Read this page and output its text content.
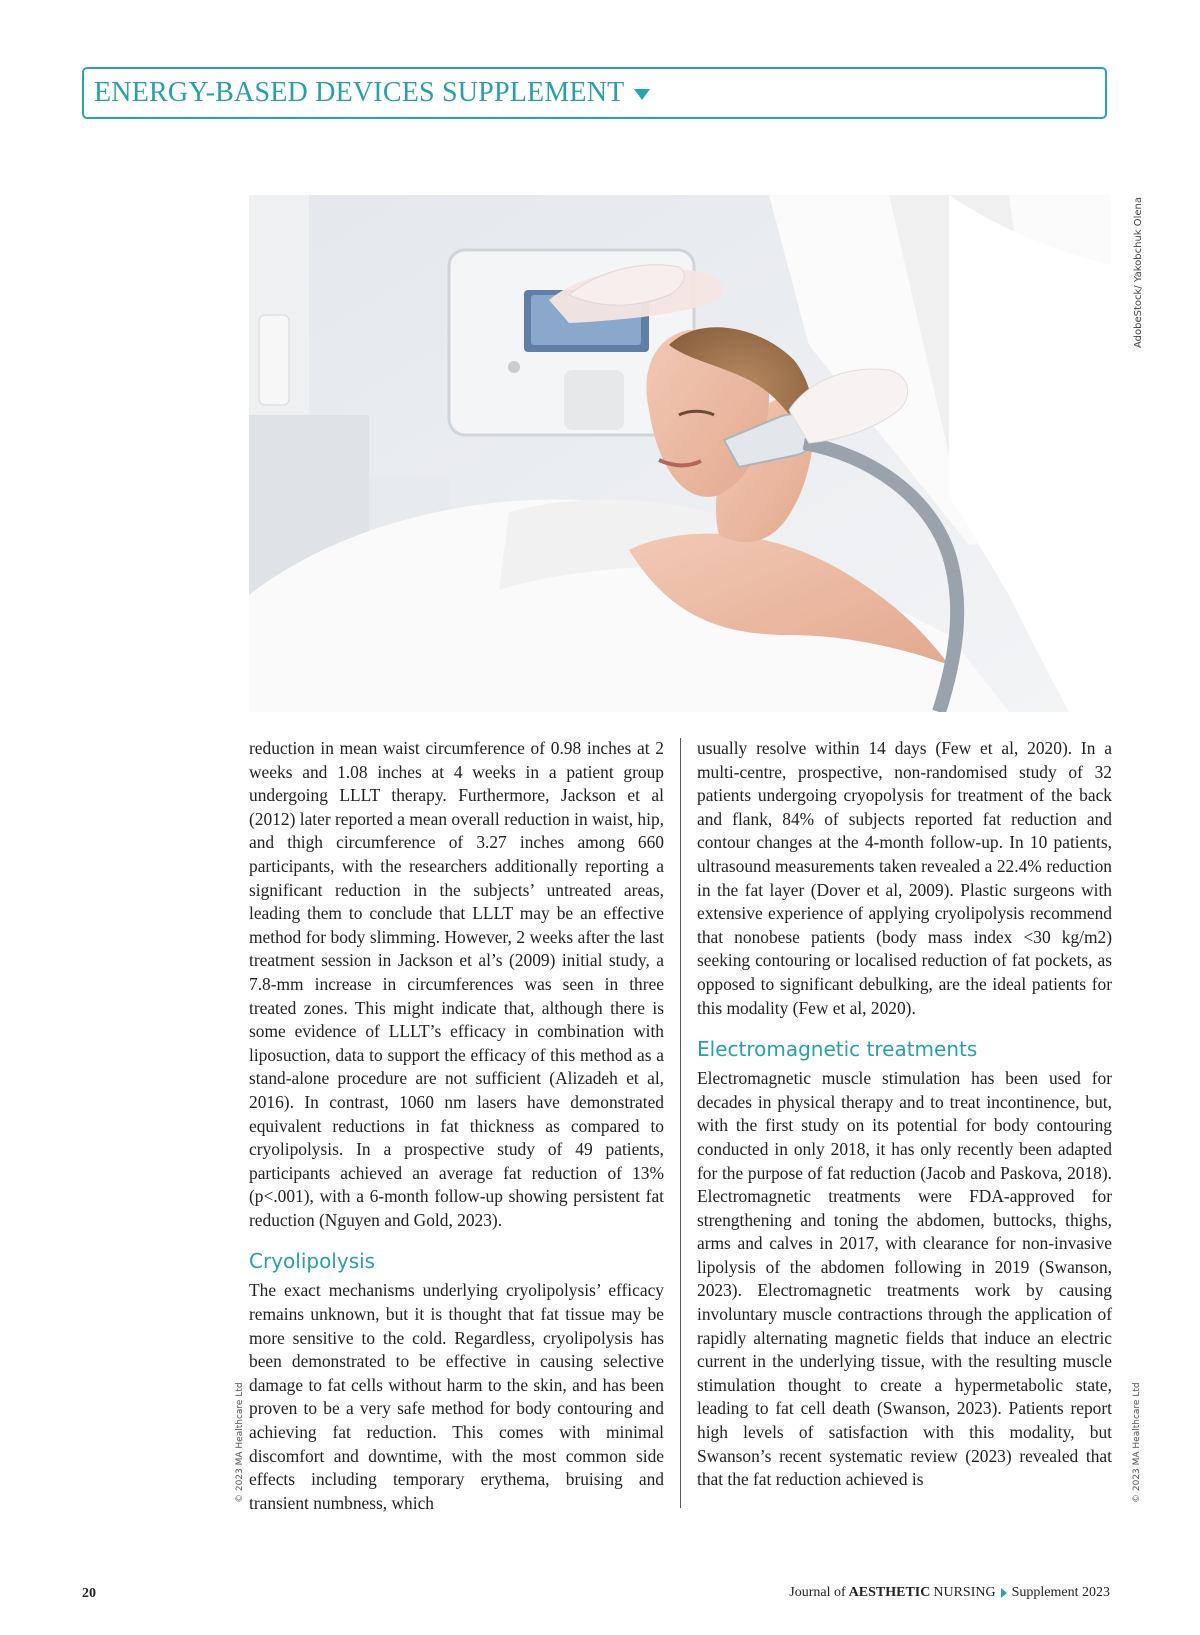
ENERGY-BASED DEVICES SUPPLEMENT
AdobeStock/ Yakobchuk Olena
© 2023 MA Healthcare Ltd	© 2023 MA Healthcare Ltd

reduction in mean waist circumference of 0.98 inches at 2 weeks and 1.08 inches at 4 weeks in a patient group undergoing LLLT therapy. Furthermore, Jackson et al (2012) later reported a mean overall reduction in waist, hip, and thigh circumference of 3.27 inches among 660 participants, with the researchers additionally reporting a significant reduction in the subjects’ untreated areas, leading them to conclude that LLLT may be an effective method for body slimming. However, 2 weeks after the last treatment session in Jackson et al’s (2009) initial study, a 7.8-mm increase in circumferences was seen in three treated zones. This might indicate that, although there is some evidence of LLLT’s efficacy in combination with liposuction, data to support the efficacy of this method as a stand-alone procedure are not sufficient (Alizadeh et al, 2016). In contrast, 1060 nm lasers have demonstrated equivalent reductions in fat thickness as compared to cryolipolysis. In a prospective study of 49 patients, participants achieved an average fat reduction of 13% (p<.001), with a 6-month follow-up showing persistent fat reduction (Nguyen and Gold, 2023).

Cryolipolysis

The exact mechanisms underlying cryolipolysis’ efficacy remains unknown, but it is thought that fat tissue may be more sensitive to the cold. Regardless, cryolipolysis has been demonstrated to be effective in causing selective damage to fat cells without harm to the skin, and has been proven to be a very safe method for body contouring and achieving fat reduction. This comes with minimal discomfort and downtime, with the most common side effects including temporary erythema, bruising and transient numbness, which

usually resolve within 14 days (Few et al, 2020). In a multi-centre, prospective, non-randomised study of 32 patients undergoing cryopolysis for treatment of the back and flank, 84% of subjects reported fat reduction and contour changes at the 4-month follow-up. In 10 patients, ultrasound measurements taken revealed a 22.4% reduction in the fat layer (Dover et al, 2009). Plastic surgeons with extensive experience of applying cryolipolysis recommend that nonobese patients (body mass index <30 kg/m2) seeking contouring or localised reduction of fat pockets, as opposed to significant debulking, are the ideal patients for this modality (Few et al, 2020).

Electromagnetic treatments

Electromagnetic muscle stimulation has been used for decades in physical therapy and to treat incontinence, but, with the first study on its potential for body contouring conducted in only 2018, it has only recently been adapted for the purpose of fat reduction (Jacob and Paskova, 2018). Electromagnetic treatments were FDA-approved for strengthening and toning the abdomen, buttocks, thighs, arms and calves in 2017, with clearance for non-invasive lipolysis of the abdomen following in 2019 (Swanson, 2023). Electromagnetic treatments work by causing involuntary muscle contractions through the application of rapidly alternating magnetic fields that induce an electric current in the underlying tissue, with the resulting muscle stimulation thought to create a hypermetabolic state, leading to fat cell death (Swanson, 2023). Patients report high levels of satisfaction with this modality, but Swanson’s recent systematic review (2023) revealed that that the fat reduction achieved is

20	Journal of AESTHETIC NURSING Supplement 2023
